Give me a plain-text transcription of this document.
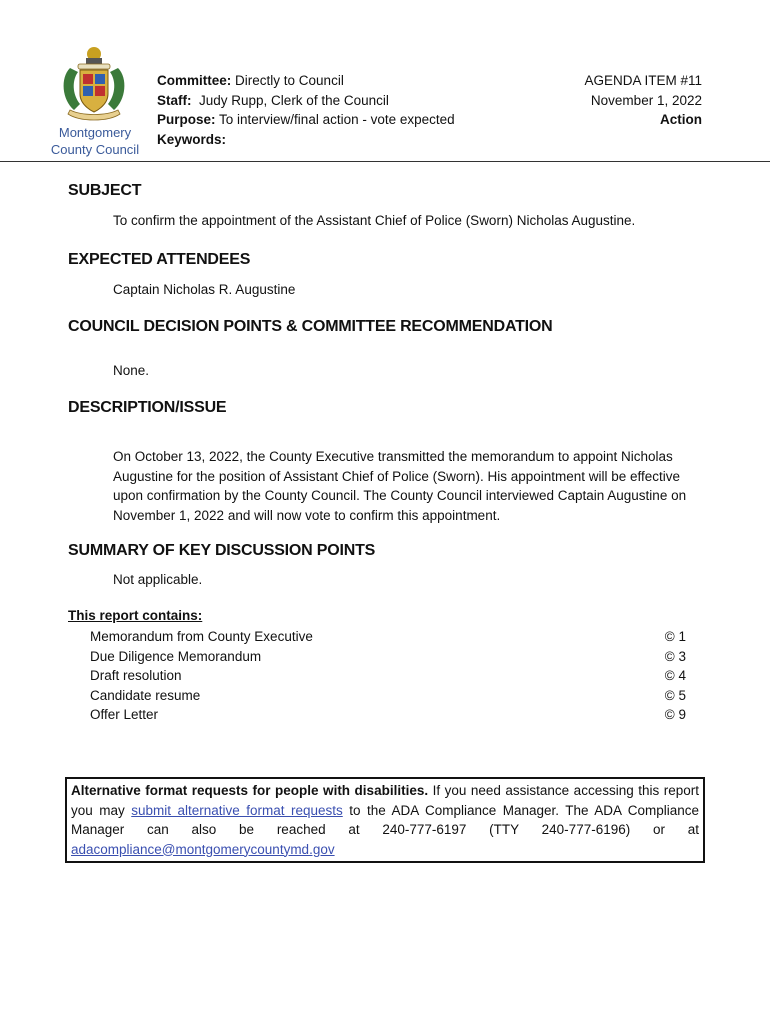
Montgomery
County Council
Committee: Directly to Council
Staff: Judy Rupp, Clerk of the Council
Purpose: To interview/final action - vote expected
Keywords:
AGENDA ITEM #11
November 1, 2022
Action
SUBJECT
To confirm the appointment of the Assistant Chief of Police (Sworn) Nicholas Augustine.
EXPECTED ATTENDEES
Captain Nicholas R. Augustine
COUNCIL DECISION POINTS & COMMITTEE RECOMMENDATION
None.
DESCRIPTION/ISSUE
On October 13, 2022, the County Executive transmitted the memorandum to appoint Nicholas Augustine for the position of Assistant Chief of Police (Sworn). His appointment will be effective upon confirmation by the County Council. The County Council interviewed Captain Augustine on November 1, 2022 and will now vote to confirm this appointment.
SUMMARY OF KEY DISCUSSION POINTS
Not applicable.
This report contains:
Memorandum from County Executive	© 1
Due Diligence Memorandum	© 3
Draft resolution	© 4
Candidate resume	© 5
Offer Letter	© 9
Alternative format requests for people with disabilities. If you need assistance accessing this report you may submit alternative format requests to the ADA Compliance Manager. The ADA Compliance Manager can also be reached at 240-777-6197 (TTY 240-777-6196) or at adacompliance@montgomerycountymd.gov
